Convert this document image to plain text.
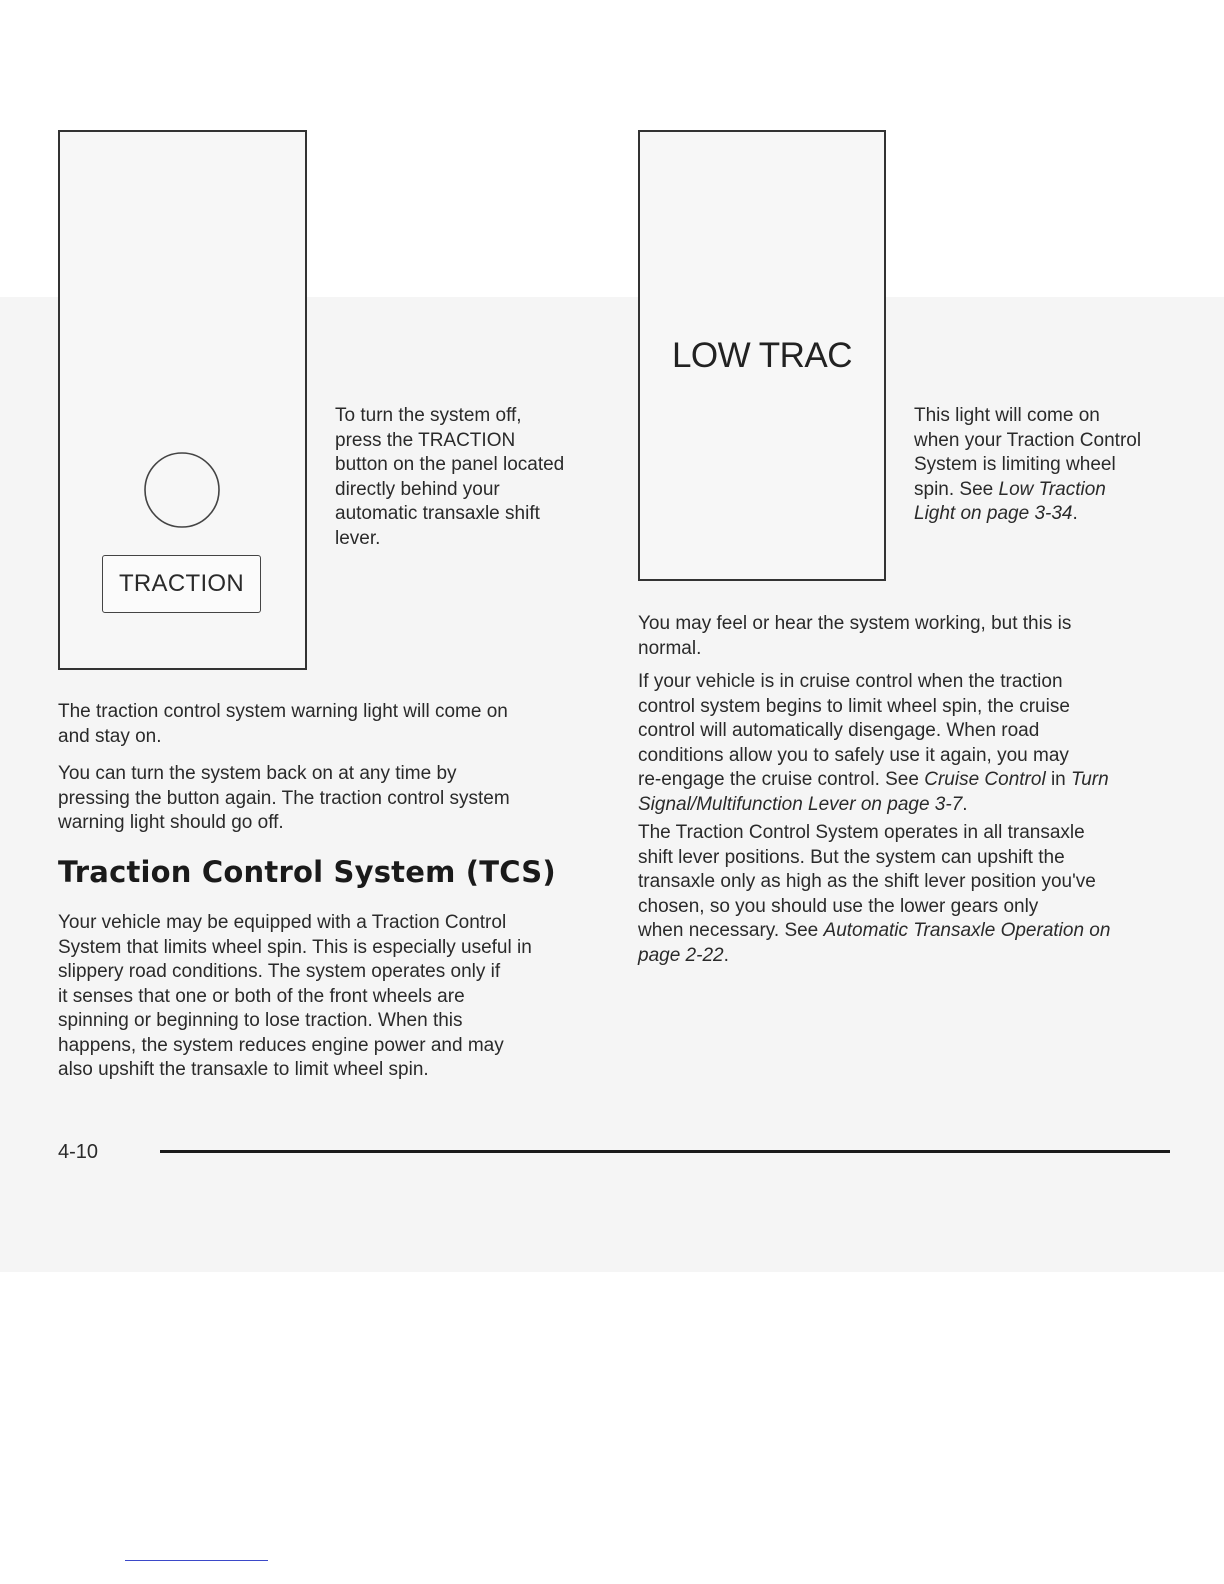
TRACTION
To turn the system off,
press the TRACTION
button on the panel located
directly behind your
automatic transaxle shift
lever.
LOW TRAC
This light will come on
when your Traction Control
System is limiting wheel
spin. See Low Traction
Light on page 3-34.
The traction control system warning light will come on
and stay on.
You can turn the system back on at any time by
pressing the button again. The traction control system
warning light should go off.
Traction Control System (TCS)
Your vehicle may be equipped with a Traction Control
System that limits wheel spin. This is especially useful in
slippery road conditions. The system operates only if
it senses that one or both of the front wheels are
spinning or beginning to lose traction. When this
happens, the system reduces engine power and may
also upshift the transaxle to limit wheel spin.
You may feel or hear the system working, but this is
normal.
If your vehicle is in cruise control when the traction
control system begins to limit wheel spin, the cruise
control will automatically disengage. When road
conditions allow you to safely use it again, you may
re-engage the cruise control. See Cruise Control in Turn
Signal/Multifunction Lever on page 3-7.
The Traction Control System operates in all transaxle
shift lever positions. But the system can upshift the
transaxle only as high as the shift lever position you've
chosen, so you should use the lower gears only
when necessary. See Automatic Transaxle Operation on
page 2-22.
4-10
